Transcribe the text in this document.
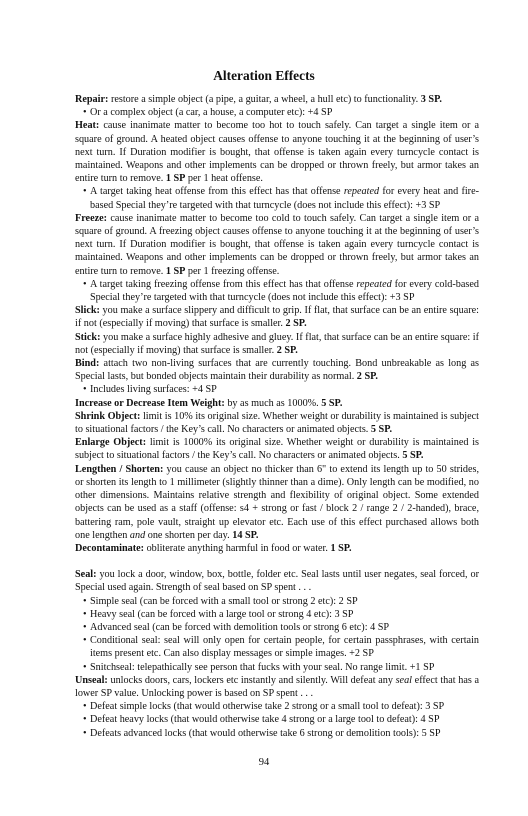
Alteration Effects

Repair: restore a simple object (a pipe, a guitar, a wheel, a hull etc) to functionality. 3 SP.

• Or a complex object (a car, a house, a computer etc): +4 SP

Heat: cause inanimate matter to become too hot to touch safely. Can target a single item or a square of ground. A heated object causes offense to anyone touching it at the beginning of user’s next turn. If Duration modifier is bought, that offense is taken again every turncycle contact is maintained. Weapons and other implements can be dropped or thrown freely, but armor takes an entire turn to remove. 1 SP per 1 heat offense.

• A target taking heat offense from this effect has that offense repeated for every heat and fire-based Special they’re targeted with that turncycle (does not include this effect): +3 SP

Freeze: cause inanimate matter to become too cold to touch safely. Can target a single item or a square of ground. A freezing object causes offense to anyone touching it at the beginning of user’s next turn. If Duration modifier is bought, that offense is taken again every turncycle contact is maintained. Weapons and other implements can be dropped or thrown freely, but armor takes an entire turn to remove. 1 SP per 1 freezing offense.

• A target taking freezing offense from this effect has that offense repeated for every cold-based Special they’re targeted with that turncycle (does not include this effect): +3 SP

Slick: you make a surface slippery and difficult to grip. If flat, that surface can be an entire square: if not (especially if moving) that surface is smaller. 2 SP.

Stick: you make a surface highly adhesive and gluey. If flat, that surface can be an entire square: if not (especially if moving) that surface is smaller. 2 SP.

Bind: attach two non-living surfaces that are currently touching. Bond unbreakable as long as Special lasts, but bonded objects maintain their durability as normal. 2 SP.

• Includes living surfaces: +4 SP

Increase or Decrease Item Weight: by as much as 1000%. 5 SP.

Shrink Object: limit is 10% its original size. Whether weight or durability is maintained is subject to situational factors / the Key’s call. No characters or animated objects. 5 SP.

Enlarge Object: limit is 1000% its original size. Whether weight or durability is maintained is subject to situational factors / the Key’s call. No characters or animated objects. 5 SP.

Lengthen / Shorten: you cause an object no thicker than 6" to extend its length up to 50 strides, or shorten its length to 1 millimeter (slightly thinner than a dime). Only length can be modified, no other dimensions. Maintains relative strength and flexibility of original object. Some extended objects can be used as a staff (offense: s4 + strong or fast / block 2 / range 2 / 2-handed), brace, battering ram, pole vault, straight up elevator etc. Each use of this effect purchased allows both one lengthen and one shorten per day. 14 SP.

Decontaminate: obliterate anything harmful in food or water. 1 SP.

Seal: you lock a door, window, box, bottle, folder etc. Seal lasts until user negates, seal forced, or Special used again. Strength of seal based on SP spent . . .

• Simple seal (can be forced with a small tool or strong 2 etc): 2 SP

• Heavy seal (can be forced with a large tool or strong 4 etc): 3 SP

• Advanced seal (can be forced with demolition tools or strong 6 etc): 4 SP

• Conditional seal: seal will only open for certain people, for certain passphrases, with certain items present etc. Can also display messages or simple images. +2 SP

• Snitchseal: telepathically see person that fucks with your seal. No range limit. +1 SP

Unseal: unlocks doors, cars, lockers etc instantly and silently. Will defeat any seal effect that has a lower SP value. Unlocking power is based on SP spent . . .

• Defeat simple locks (that would otherwise take 2 strong or a small tool to defeat): 3 SP

• Defeat heavy locks (that would otherwise take 4 strong or a large tool to defeat): 4 SP

• Defeats advanced locks (that would otherwise take 6 strong or demolition tools): 5 SP

94
